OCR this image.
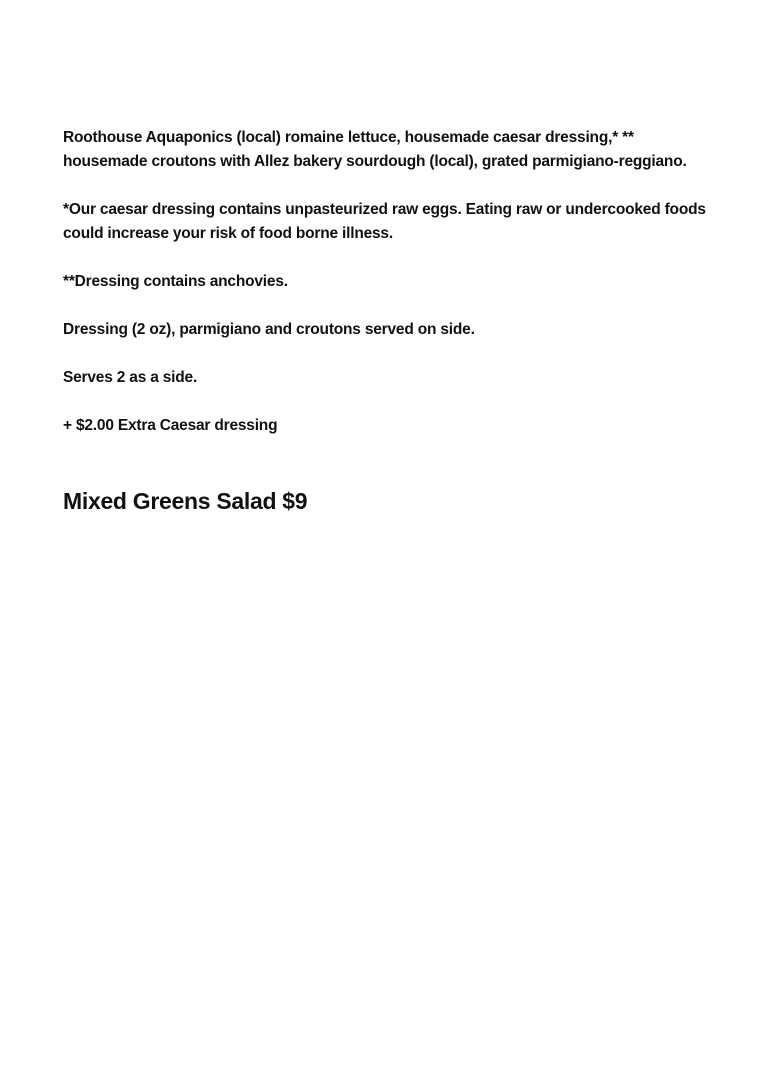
Roothouse Aquaponics (local) romaine lettuce, housemade caesar dressing,* ** housemade croutons with Allez bakery sourdough (local), grated parmigiano-reggiano.

*Our caesar dressing contains unpasteurized raw eggs. Eating raw or undercooked foods could increase your risk of food borne illness.

**Dressing contains anchovies.

Dressing (2 oz), parmigiano and croutons served on side.

Serves 2 as a side.

+ $2.00 Extra Caesar dressing

Mixed Greens Salad $9
